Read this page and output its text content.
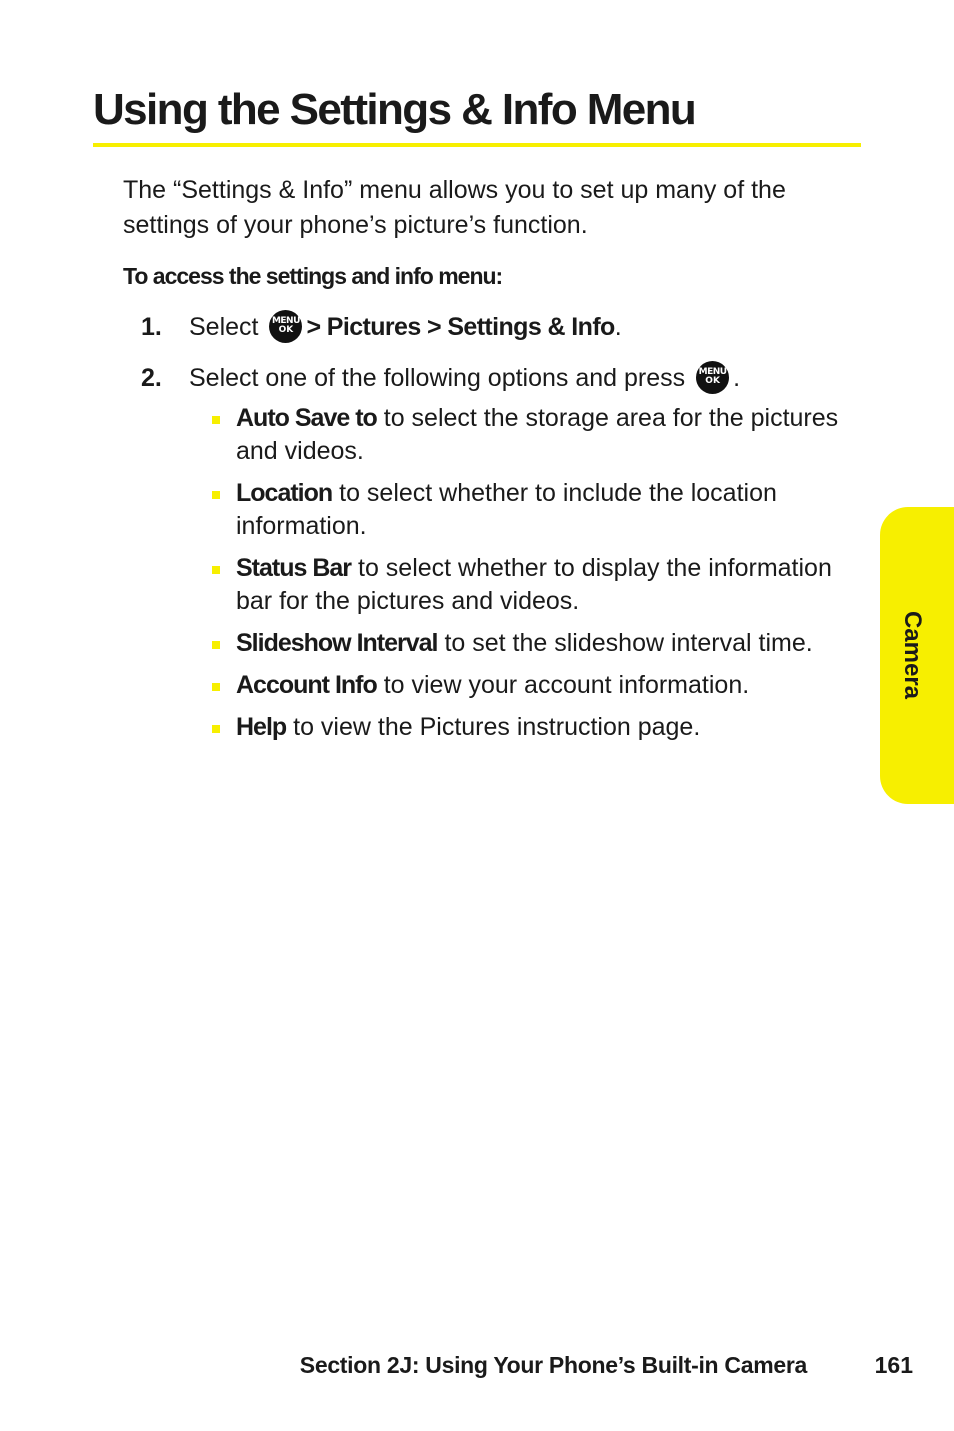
Using the Settings & Info Menu

The “Settings & Info” menu allows you to set up many of the settings of your phone’s picture’s function.

To access the settings and info menu:

1. Select MENU
OK > Pictures > Settings & Info.
2. Select one of the following options and press MENU
OK .
Auto Save to to select the storage area for the pictures and videos.
Location to select whether to include the location information.
Status Bar to select whether to display the information bar for the pictures and videos.
Slideshow Interval to set the slideshow interval time.
Account Info to view your account information.
Help to view the Pictures instruction page.
Camera
Section 2J: Using Your Phone’s Built-in Camera	161
